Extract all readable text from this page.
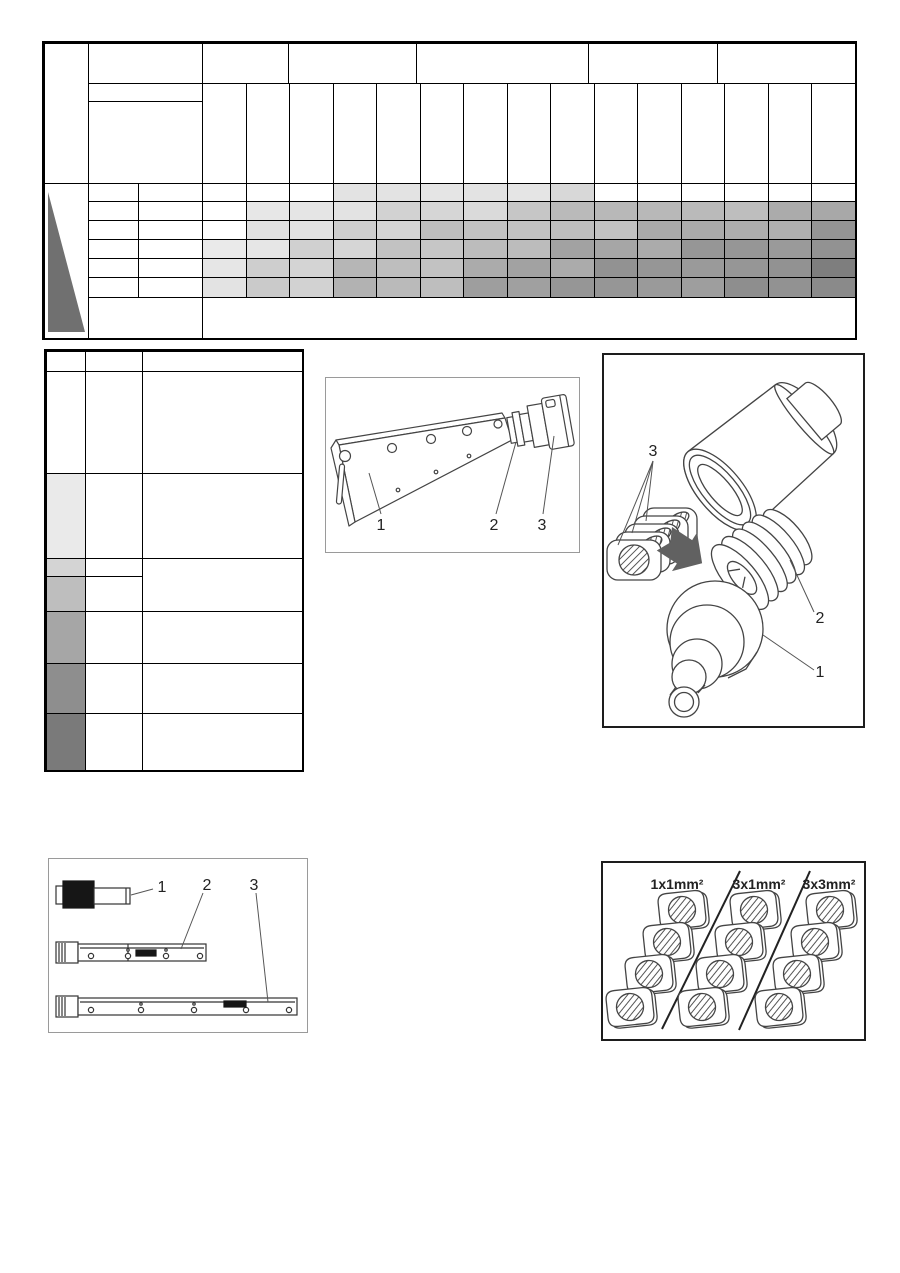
1	2 3
3
2
1
1 2 3	1x1mm² 3x1mm² 3x3mm²
